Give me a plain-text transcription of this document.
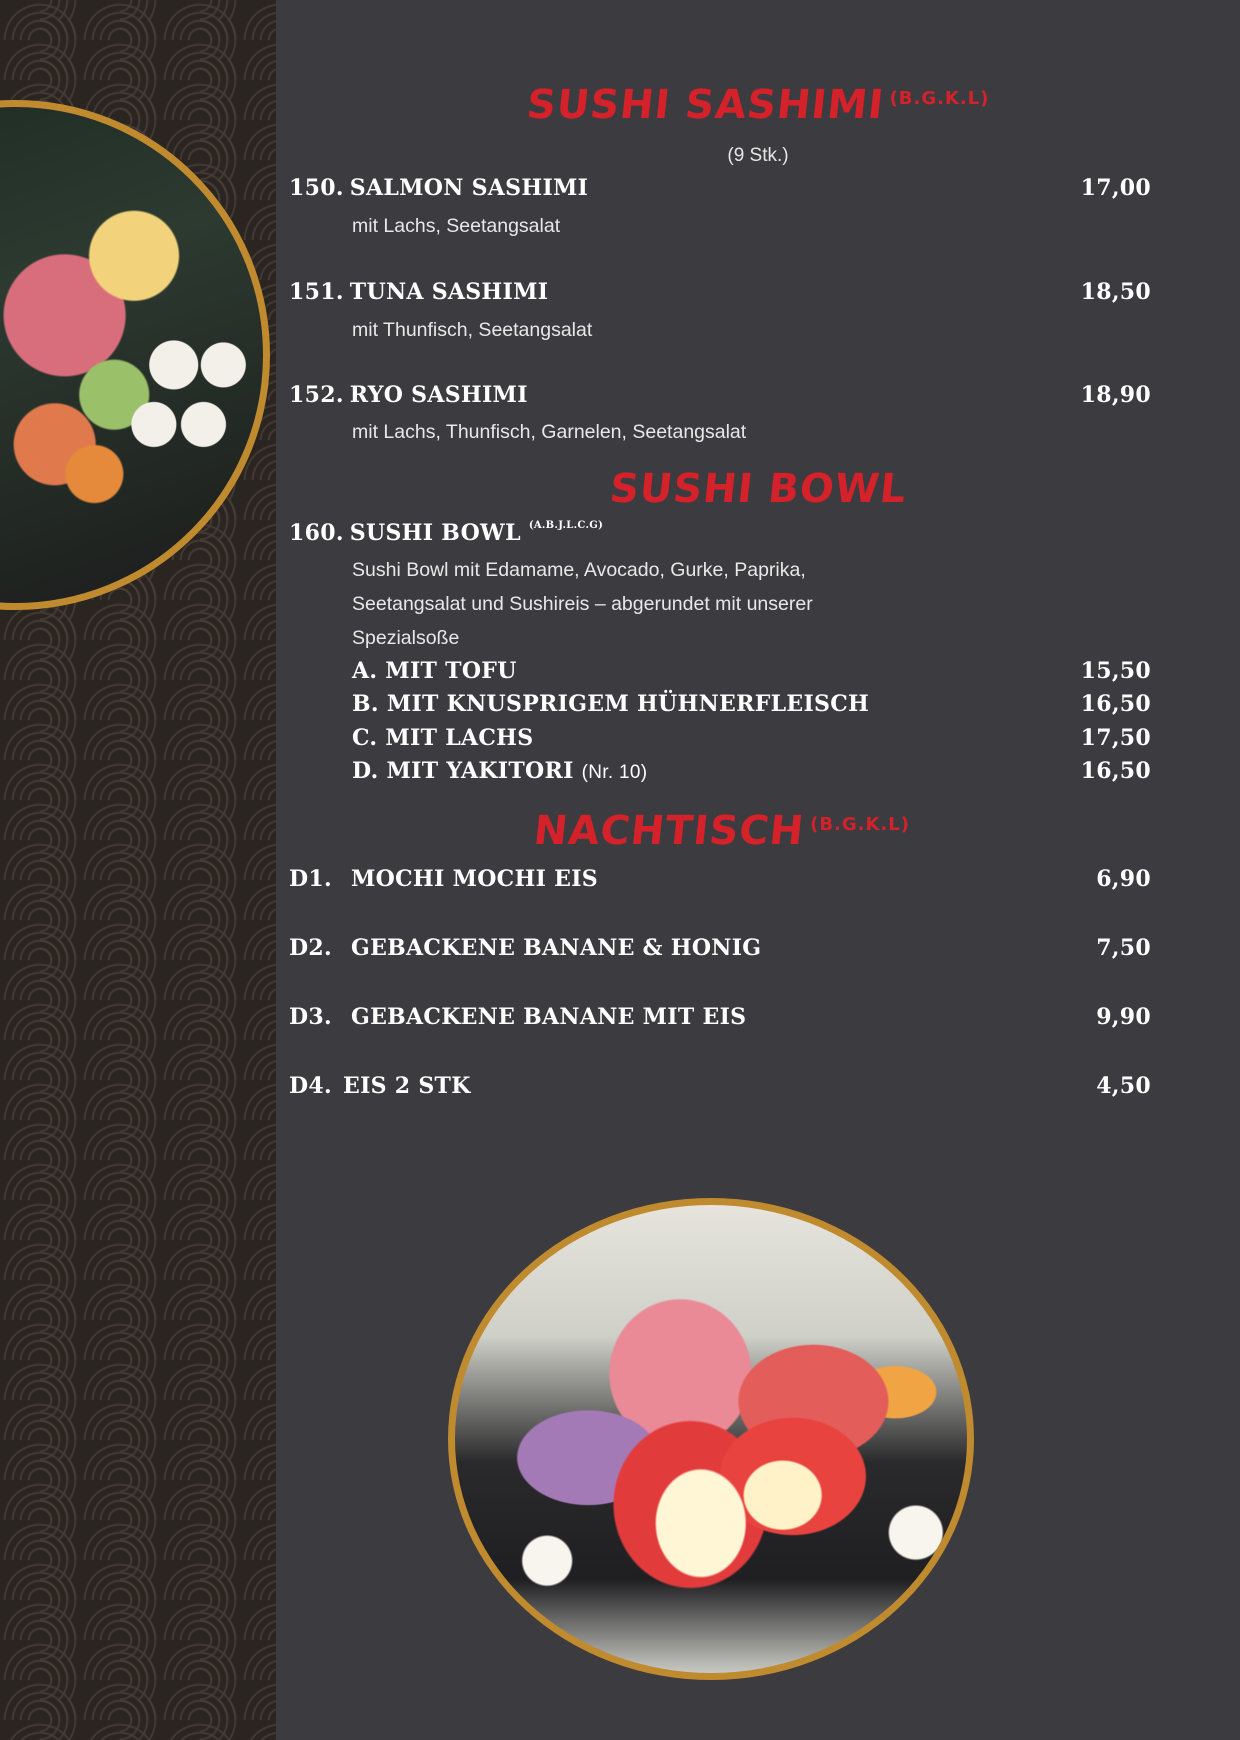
SUSHI SASHIMI $^{(B.G.K.L)}$
(9 Stk.)
150. SALMON SASHIMI	17,00
mit Lachs, Seetangsalat
151. TUNA SASHIMI	18,50
mit Thunfisch, Seetangsalat
152. RYO SASHIMI	18,90
mit Lachs, Thunfisch, Garnelen, Seetangsalat
SUSHI BOWL
160. SUSHI BOWL $^{(A.B.J.L.C.G)}$
Sushi Bowl mit Edamame, Avocado, Gurke, Paprika,
Seetangsalat und Sushireis – abgerundet mit unserer
Spezialsoße
A. MIT TOFU	15,50
B. MIT KNUSPRIGEM HÜHNERFLEISCH	16,50
C. MIT LACHS	17,50
D. MIT YAKITORI (Nr. 10)	16,50
NACHTISCH $^{(B.G.K.L)}$
D1. MOCHI MOCHI EIS	6,90
D2. GEBACKENE BANANE & HONIG	7,50
D3. GEBACKENE BANANE MIT EIS	9,90
D4. EIS 2 STK	4,50
